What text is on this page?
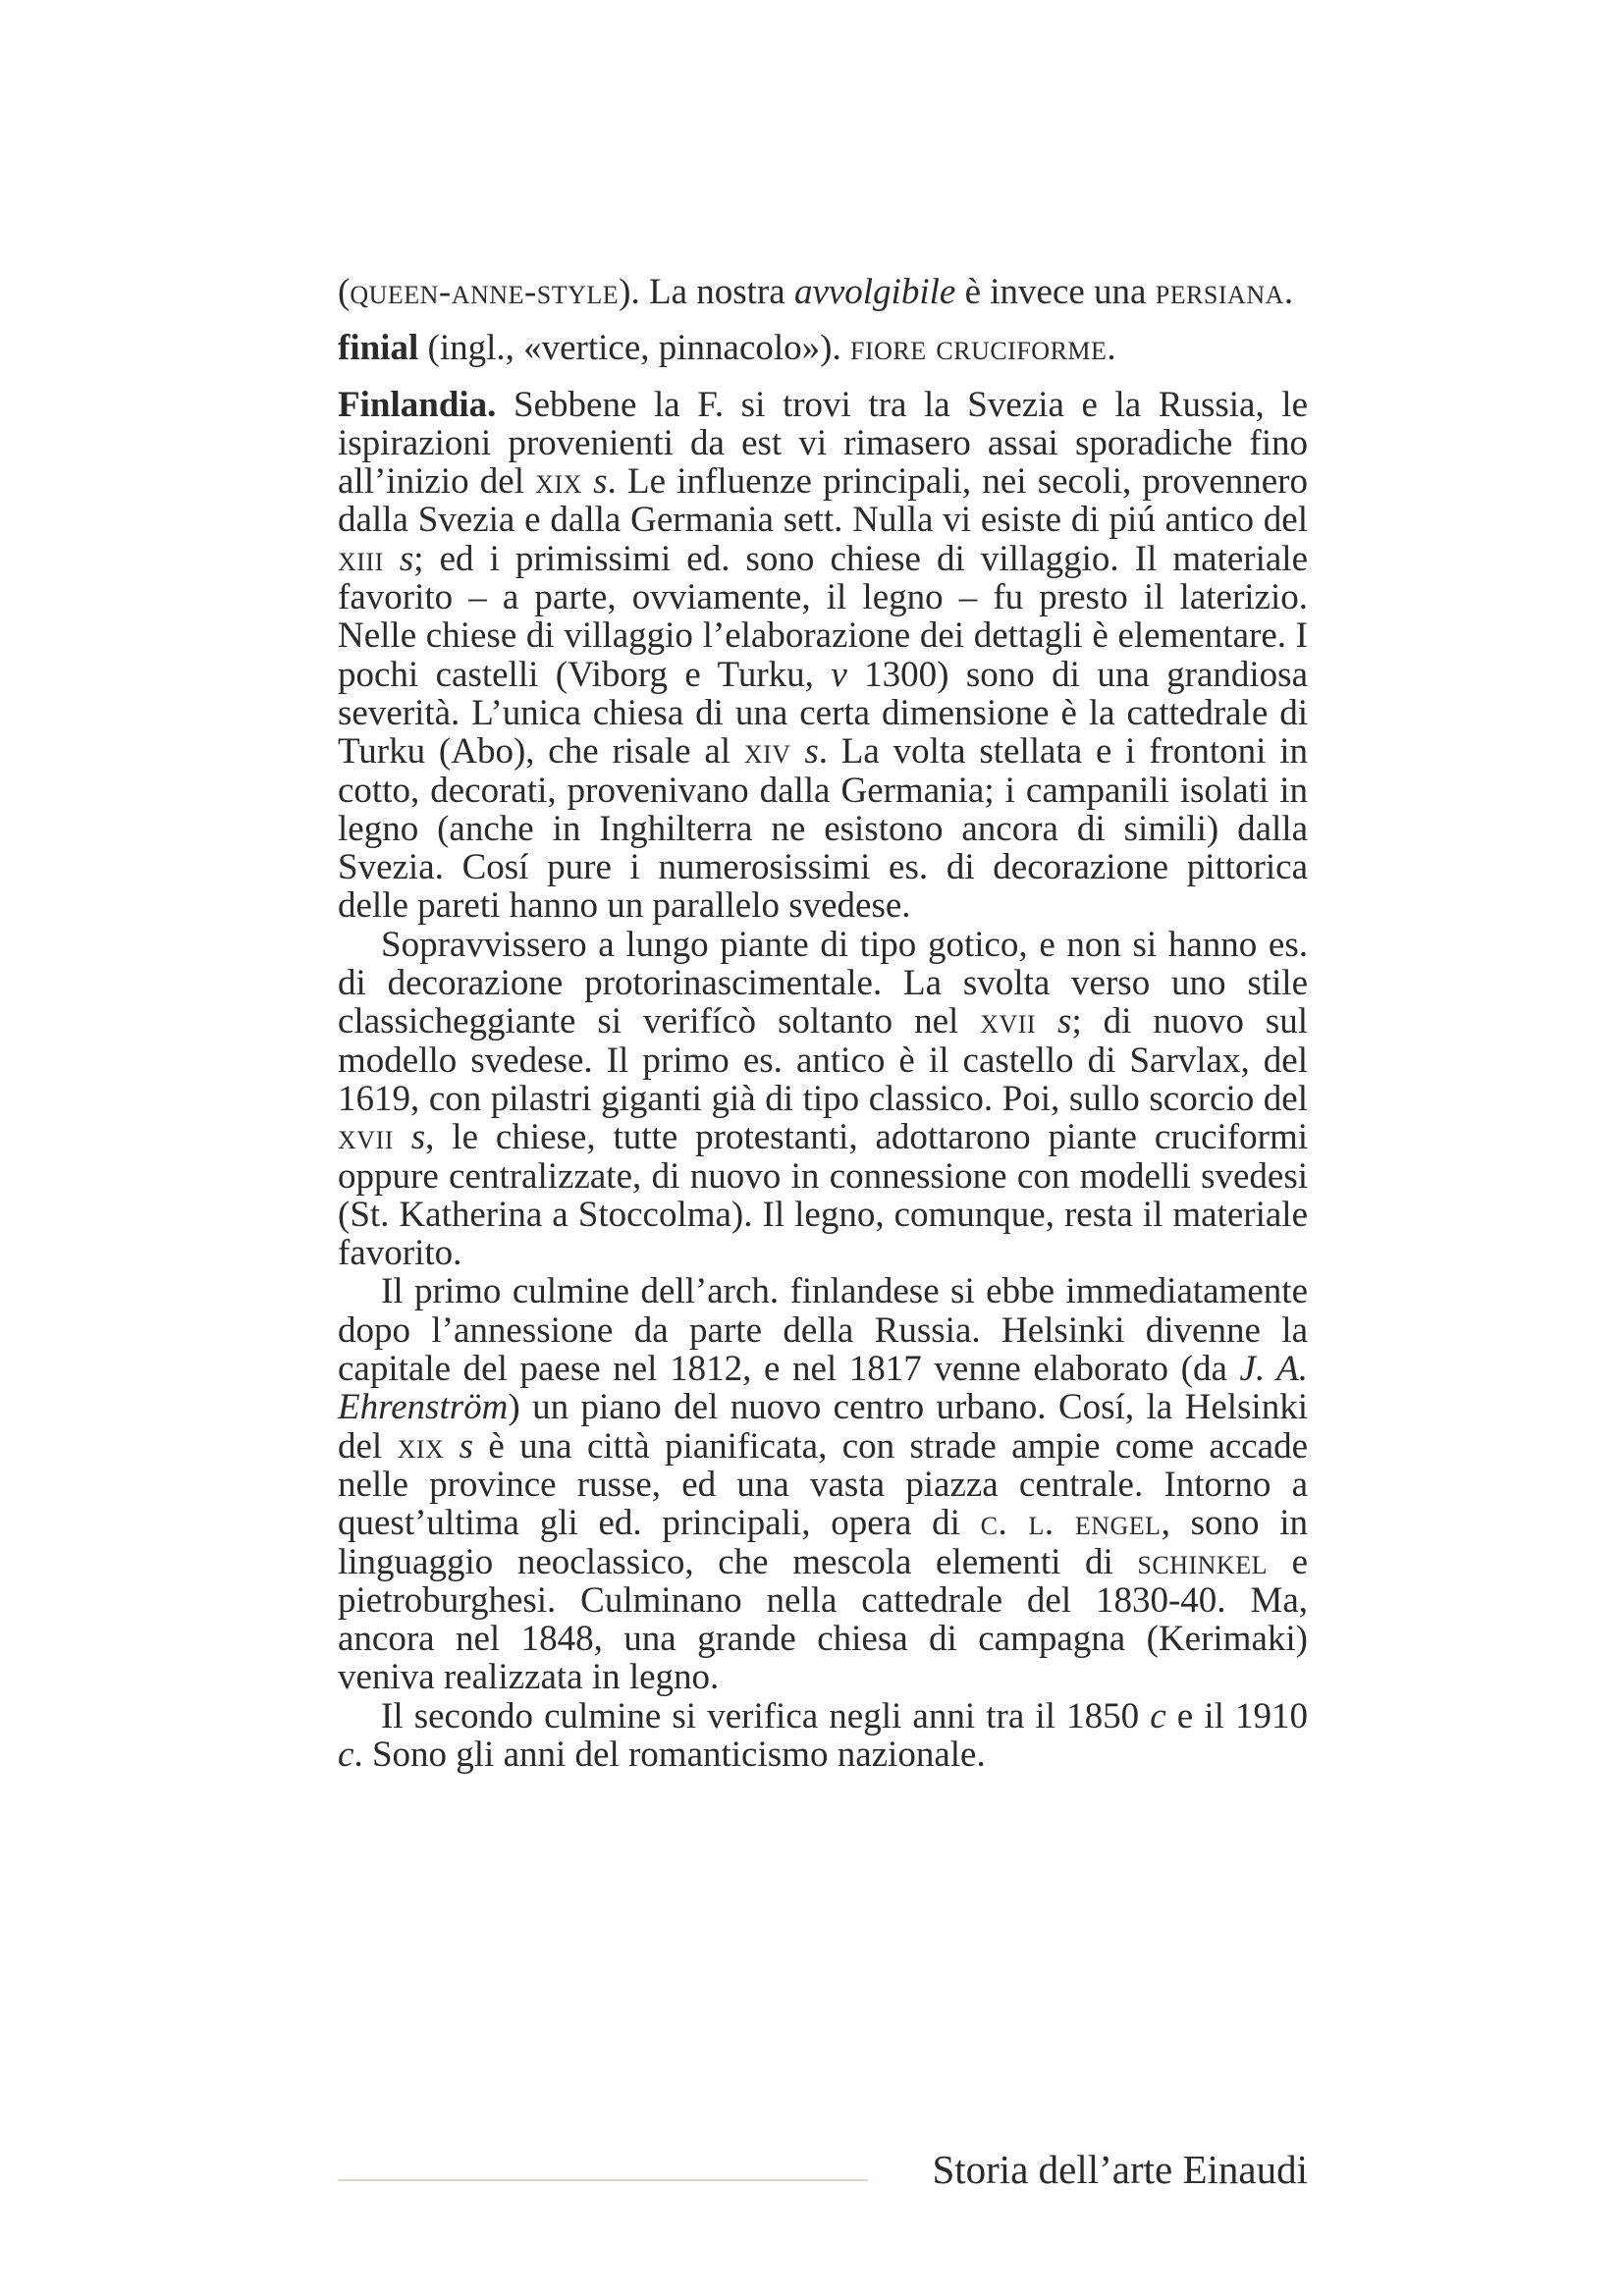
(queen-anne-style). La nostra avvolgibile è invece una persiana.

finial (ingl., «vertice, pinnacolo»). fiore cruciforme.

Finlandia. Sebbene la F. si trovi tra la Svezia e la Russia, le ispirazioni provenienti da est vi rimasero assai sporadiche fino all’inizio del xix s. Le influenze principali, nei secoli, provennero dalla Svezia e dalla Germania sett. Nulla vi esiste di piú antico del xiii s; ed i primissimi ed. sono chiese di villaggio. Il materiale favorito – a parte, ovviamente, il legno – fu presto il laterizio. Nelle chiese di villaggio l’elaborazione dei dettagli è elementare. I pochi castelli (Viborg e Turku, v 1300) sono di una grandiosa severità. L’unica chiesa di una certa dimensione è la cattedrale di Turku (Abo), che risale al xiv s. La volta stellata e i frontoni in cotto, decorati, provenivano dalla Germania; i campanili isolati in legno (anche in Inghilterra ne esistono ancora di simili) dalla Svezia. Cosí pure i numerosissimi es. di decorazione pittorica delle pareti hanno un parallelo svedese.

Sopravvissero a lungo piante di tipo gotico, e non si hanno es. di decorazione protorinascimentale. La svolta verso uno stile classicheggiante si verifícò soltanto nel xvii s; di nuovo sul modello svedese. Il primo es. antico è il castello di Sarvlax, del 1619, con pilastri giganti già di tipo classico. Poi, sullo scorcio del xvii s, le chiese, tutte protestanti, adottarono piante cruciformi oppure centralizzate, di nuovo in connessione con modelli svedesi (St. Katherina a Stoccolma). Il legno, comunque, resta il materiale favorito.

Il primo culmine dell’arch. finlandese si ebbe immediatamente dopo l’annessione da parte della Russia. Helsinki divenne la capitale del paese nel 1812, e nel 1817 venne elaborato (da J. A. Ehrenström) un piano del nuovo centro urbano. Cosí, la Helsinki del xix s è una città pianificata, con strade ampie come accade nelle province russe, ed una vasta piazza centrale. Intorno a quest’ultima gli ed. principali, opera di c. l. engel, sono in linguaggio neoclassico, che mescola elementi di schinkel e pietroburghesi. Culminano nella cattedrale del 1830-40. Ma, ancora nel 1848, una grande chiesa di campagna (Kerimaki) veniva realizzata in legno.

Il secondo culmine si verifica negli anni tra il 1850 c e il 1910 c. Sono gli anni del romanticismo nazionale.

Storia dell’arte Einaudi
